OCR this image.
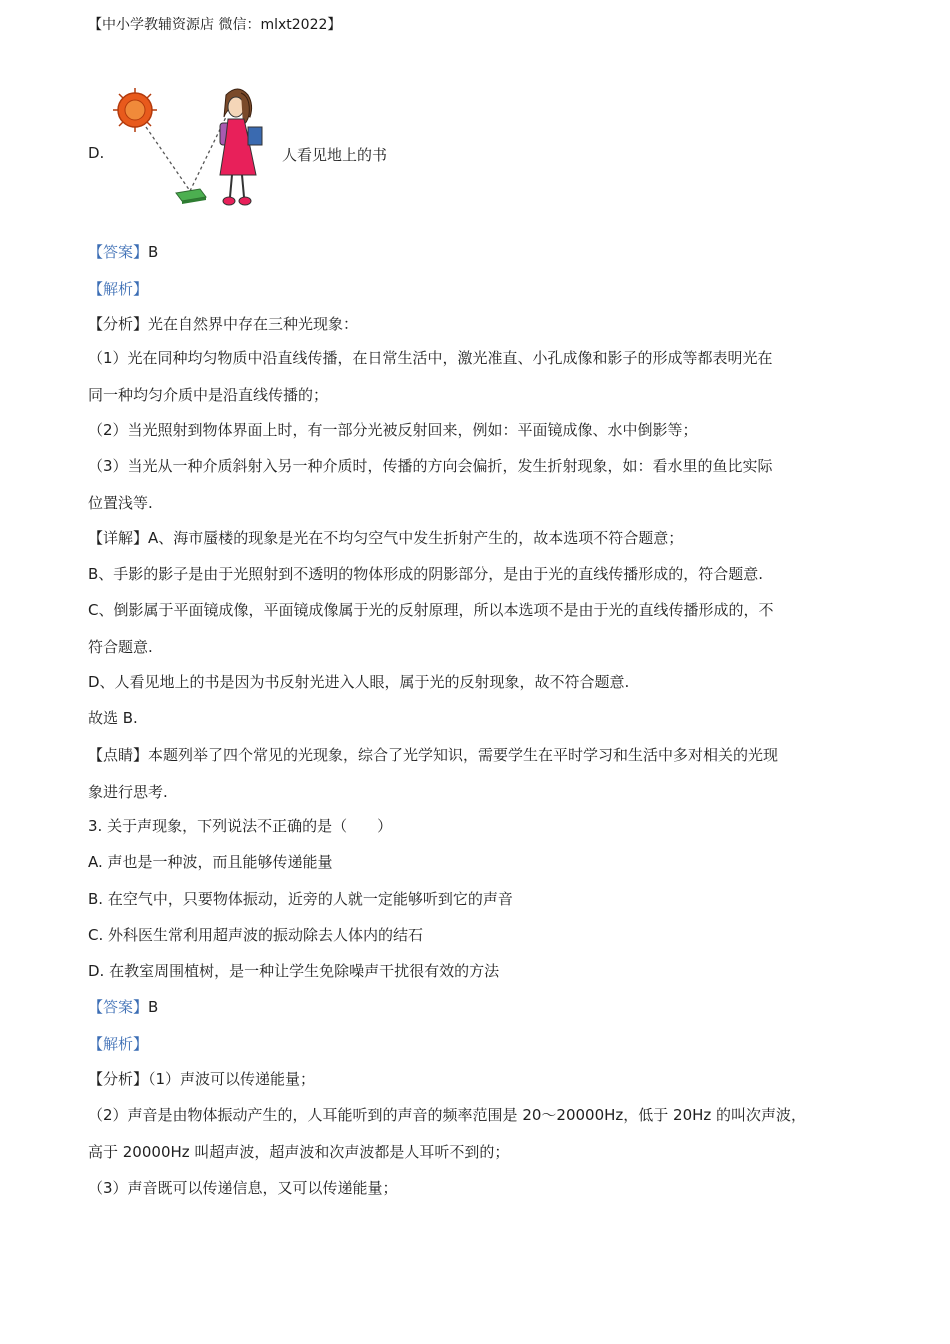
【中小学教辅资源店 微信：mlxt2022】
D.	人看见地上的书
【答案】B
【解析】
【分析】光在自然界中存在三种光现象：
（1）光在同种均匀物质中沿直线传播，在日常生活中，激光准直、小孔成像和影子的形成等都表明光在
同一种均匀介质中是沿直线传播的；
（2）当光照射到物体界面上时，有一部分光被反射回来，例如：平面镜成像、水中倒影等；
（3）当光从一种介质斜射入另一种介质时，传播的方向会偏折，发生折射现象，如：看水里的鱼比实际
位置浅等.
【详解】A、海市蜃楼的现象是光在不均匀空气中发生折射产生的，故本选项不符合题意；
B、手影的影子是由于光照射到不透明的物体形成的阴影部分，是由于光的直线传播形成的，符合题意.
C、倒影属于平面镜成像，平面镜成像属于光的反射原理，所以本选项不是由于光的直线传播形成的，不
符合题意.
D、人看见地上的书是因为书反射光进入人眼，属于光的反射现象，故不符合题意.
故选 B.
【点睛】本题列举了四个常见的光现象，综合了光学知识，需要学生在平时学习和生活中多对相关的光现
象进行思考.
3. 关于声现象，下列说法不正确的是（　　）
A. 声也是一种波，而且能够传递能量
B. 在空气中，只要物体振动，近旁的人就一定能够听到它的声音
C. 外科医生常利用超声波的振动除去人体内的结石
D. 在教室周围植树，是一种让学生免除噪声干扰很有效的方法
【答案】B
【解析】
【分析】（1）声波可以传递能量；
（2）声音是由物体振动产生的，人耳能听到的声音的频率范围是 20～20000Hz，低于 20Hz 的叫次声波，
高于 20000Hz 叫超声波，超声波和次声波都是人耳听不到的；
（3）声音既可以传递信息，又可以传递能量；
